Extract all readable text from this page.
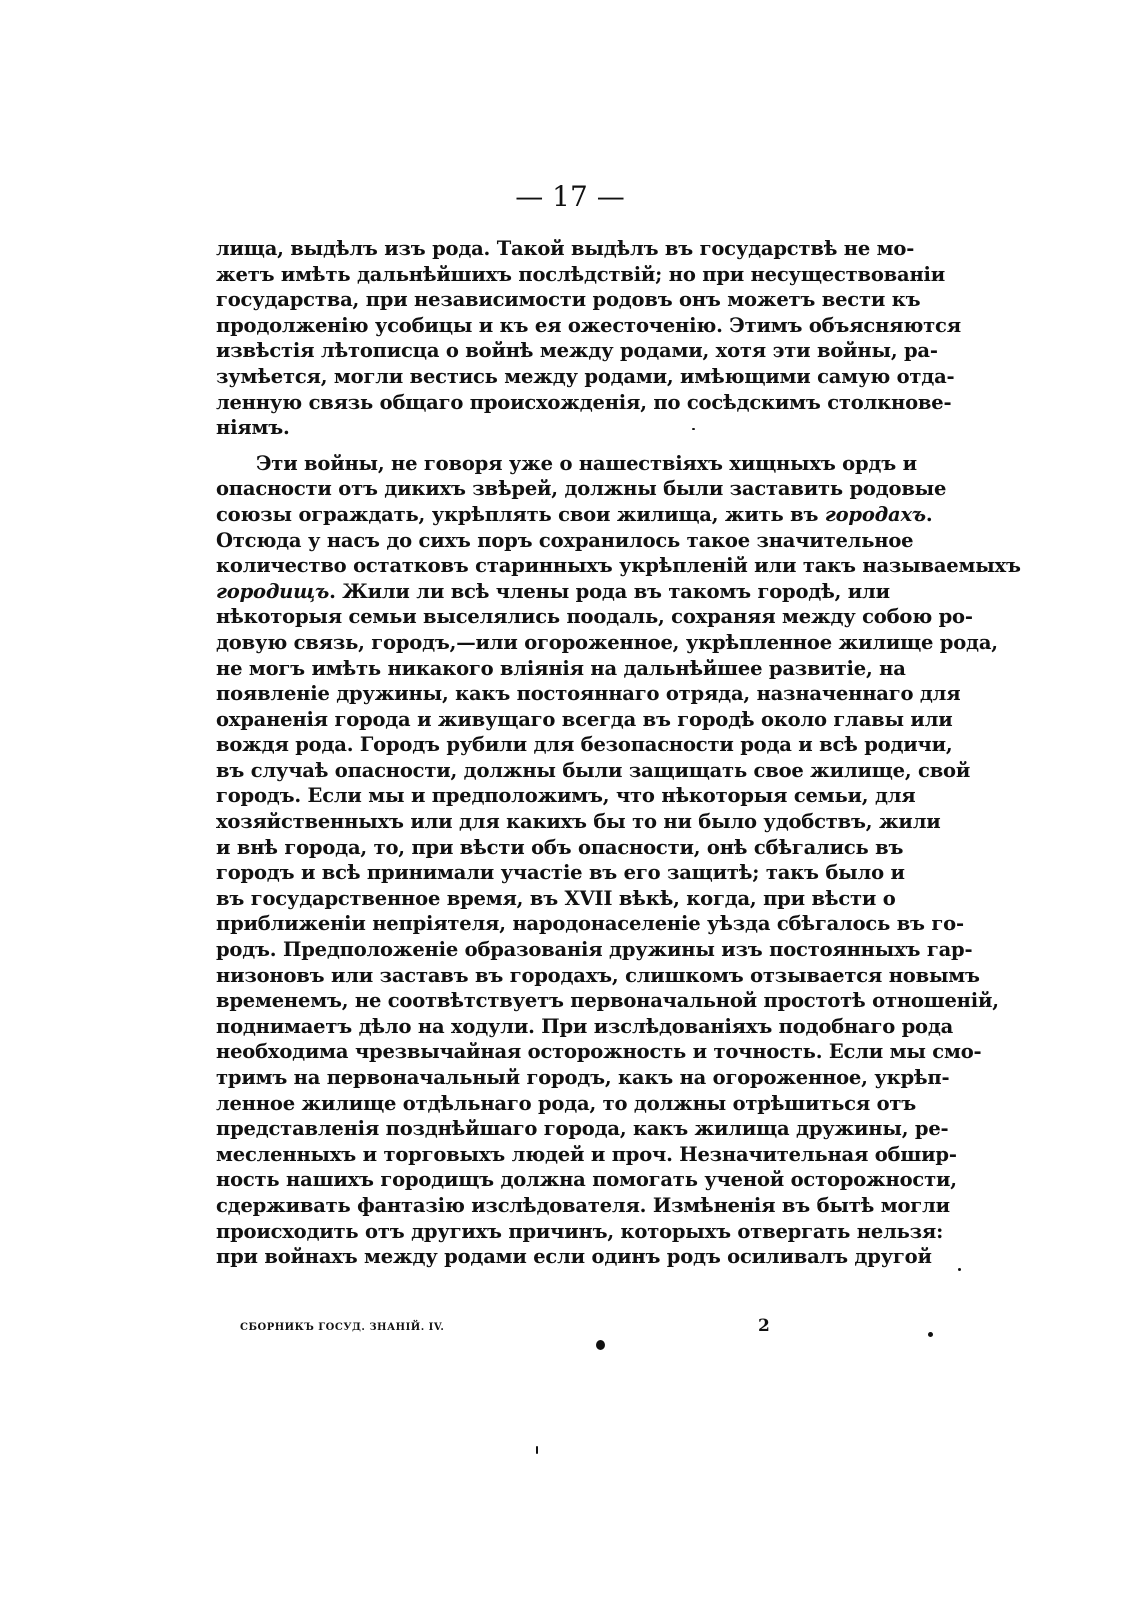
— 17 —
лища, выдѣлъ изъ рода. Такой выдѣлъ въ государствѣ не мо-
жетъ имѣть дальнѣйшихъ послѣдствій; но при несуществованіи
государства, при независимости родовъ онъ можетъ вести къ
продолженію усобицы и къ ея ожесточенію. Этимъ объясняются
извѣстія лѣтописца о войнѣ между родами, хотя эти войны, ра-
зумѣется, могли вестись между родами, имѣющими самую отда-
ленную связь общаго происхожденія, по сосѣдскимъ столкнове-
ніямъ.
Эти войны, не говоря уже о нашествіяхъ хищныхъ ордъ и
опасности отъ дикихъ звѣрей, должны были заставить родовые
союзы ограждать, укрѣплять свои жилища, жить въ городахъ.
Отсюда у насъ до сихъ поръ сохранилось такое значительное
количество остатковъ старинныхъ укрѣпленій или такъ называемыхъ
городищъ. Жили ли всѣ члены рода въ такомъ городѣ, или
нѣкоторыя семьи выселялись поодаль, сохраняя между собою ро-
довую связь, городъ,—или огороженное, укрѣпленное жилище рода,
не могъ имѣть никакого вліянія на дальнѣйшее развитіе, на
появленіе дружины, какъ постояннаго отряда, назначеннаго для
охраненія города и живущаго всегда въ городѣ около главы или
вождя рода. Городъ рубили для безопасности рода и всѣ родичи,
въ случаѣ опасности, должны были защищать свое жилище, свой
городъ. Если мы и предположимъ, что нѣкоторыя семьи, для
хозяйственныхъ или для какихъ бы то ни было удобствъ, жили
и внѣ города, то, при вѣсти объ опасности, онѣ сбѣгались въ
городъ и всѣ принимали участіе въ его защитѣ; такъ было и
въ государственное время, въ XVII вѣкѣ, когда, при вѣсти о
приближеніи непріятеля, народонаселеніе уѣзда сбѣгалось въ го-
родъ. Предположеніе образованія дружины изъ постоянныхъ гар-
низоновъ или заставъ въ городахъ, слишкомъ отзывается новымъ
временемъ, не соотвѣтствуетъ первоначальной простотѣ отношеній,
поднимаетъ дѣло на ходули. При изслѣдованіяхъ подобнаго рода
необходима чрезвычайная осторожность и точность. Если мы смо-
тримъ на первоначальный городъ, какъ на огороженное, укрѣп-
ленное жилище отдѣльнаго рода, то должны отрѣшиться отъ
представленія позднѣйшаго города, какъ жилища дружины, ре-
месленныхъ и торговыхъ людей и проч. Незначительная обшир-
ность нашихъ городищъ должна помогать ученой осторожности,
сдерживать фантазію изслѣдователя. Измѣненія въ бытѣ могли
происходить отъ другихъ причинъ, которыхъ отвергать нельзя:
при войнахъ между родами если одинъ родъ осиливалъ другой
СБОРНИКЪ ГОСУД. ЗНАНІЙ. IV.	2
